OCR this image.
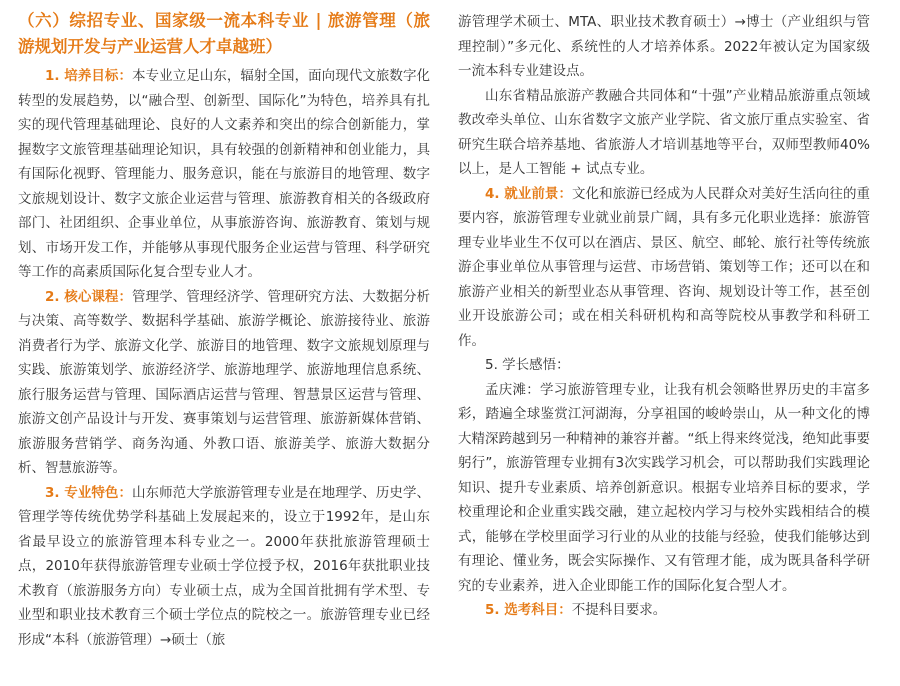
（六）综招专业、国家级一流本科专业 | 旅游管理（旅游规划开发与产业运营人才卓越班）

1. 培养目标：本专业立足山东，辐射全国，面向现代文旅数字化转型的发展趋势，以“融合型、创新型、国际化”为特色，培养具有扎实的现代管理基础理论、良好的人文素养和突出的综合创新能力，掌握数字文旅管理基础理论知识，具有较强的创新精神和创业能力，具有国际化视野、管理能力、服务意识，能在与旅游目的地管理、数字文旅规划设计、数字文旅企业运营与管理、旅游教育相关的各级政府部门、社团组织、企事业单位，从事旅游咨询、旅游教育、策划与规划、市场开发工作，并能够从事现代服务企业运营与管理、科学研究等工作的高素质国际化复合型专业人才。

2. 核心课程：管理学、管理经济学、管理研究方法、大数据分析与决策、高等数学、数据科学基础、旅游学概论、旅游接待业、旅游消费者行为学、旅游文化学、旅游目的地管理、数字文旅规划原理与实践、旅游策划学、旅游经济学、旅游地理学、旅游地理信息系统、旅行服务运营与管理、国际酒店运营与管理、智慧景区运营与管理、旅游文创产品设计与开发、赛事策划与运营管理、旅游新媒体营销、旅游服务营销学、商务沟通、外教口语、旅游美学、旅游大数据分析、智慧旅游等。

3. 专业特色：山东师范大学旅游管理专业是在地理学、历史学、管理学等传统优势学科基础上发展起来的，设立于1992年，是山东省最早设立的旅游管理本科专业之一。2000年获批旅游管理硕士点，2010年获得旅游管理专业硕士学位授予权，2016年获批职业技术教育（旅游服务方向）专业硕士点，成为全国首批拥有学术型、专业型和职业技术教育三个硕士学位点的院校之一。旅游管理专业已经形成“本科（旅游管理）→硕士（旅

游管理学术硕士、MTA、职业技术教育硕士）→博士（产业组织与管理控制）”多元化、系统性的人才培养体系。2022年被认定为国家级一流本科专业建设点。

山东省精品旅游产教融合共同体和“十强”产业精品旅游重点领域教改牵头单位、山东省数字文旅产业学院、省文旅厅重点实验室、省研究生联合培养基地、省旅游人才培训基地等平台，双师型教师40%以上，是人工智能 + 试点专业。

4. 就业前景：文化和旅游已经成为人民群众对美好生活向往的重要内容，旅游管理专业就业前景广阔，具有多元化职业选择：旅游管理专业毕业生不仅可以在酒店、景区、航空、邮轮、旅行社等传统旅游企事业单位从事管理与运营、市场营销、策划等工作；还可以在和旅游产业相关的新型业态从事管理、咨询、规划设计等工作，甚至创业开设旅游公司；或在相关科研机构和高等院校从事教学和科研工作。

5. 学长感悟：

孟庆滩：学习旅游管理专业，让我有机会领略世界历史的丰富多彩，踏遍全球鉴赏江河湖海，分享祖国的峻岭崇山，从一种文化的博大精深跨越到另一种精神的兼容并蓄。“纸上得来终觉浅，绝知此事要躬行”，旅游管理专业拥有3次实践学习机会，可以帮助我们实践理论知识、提升专业素质、培养创新意识。根据专业培养目标的要求，学校重理论和企业重实践交融，建立起校内学习与校外实践相结合的模式，能够在学校里面学习行业的从业的技能与经验，使我们能够达到有理论、懂业务，既会实际操作、又有管理才能，成为既具备科学研究的专业素养，进入企业即能工作的国际化复合型人才。

5. 选考科目：不提科目要求。
